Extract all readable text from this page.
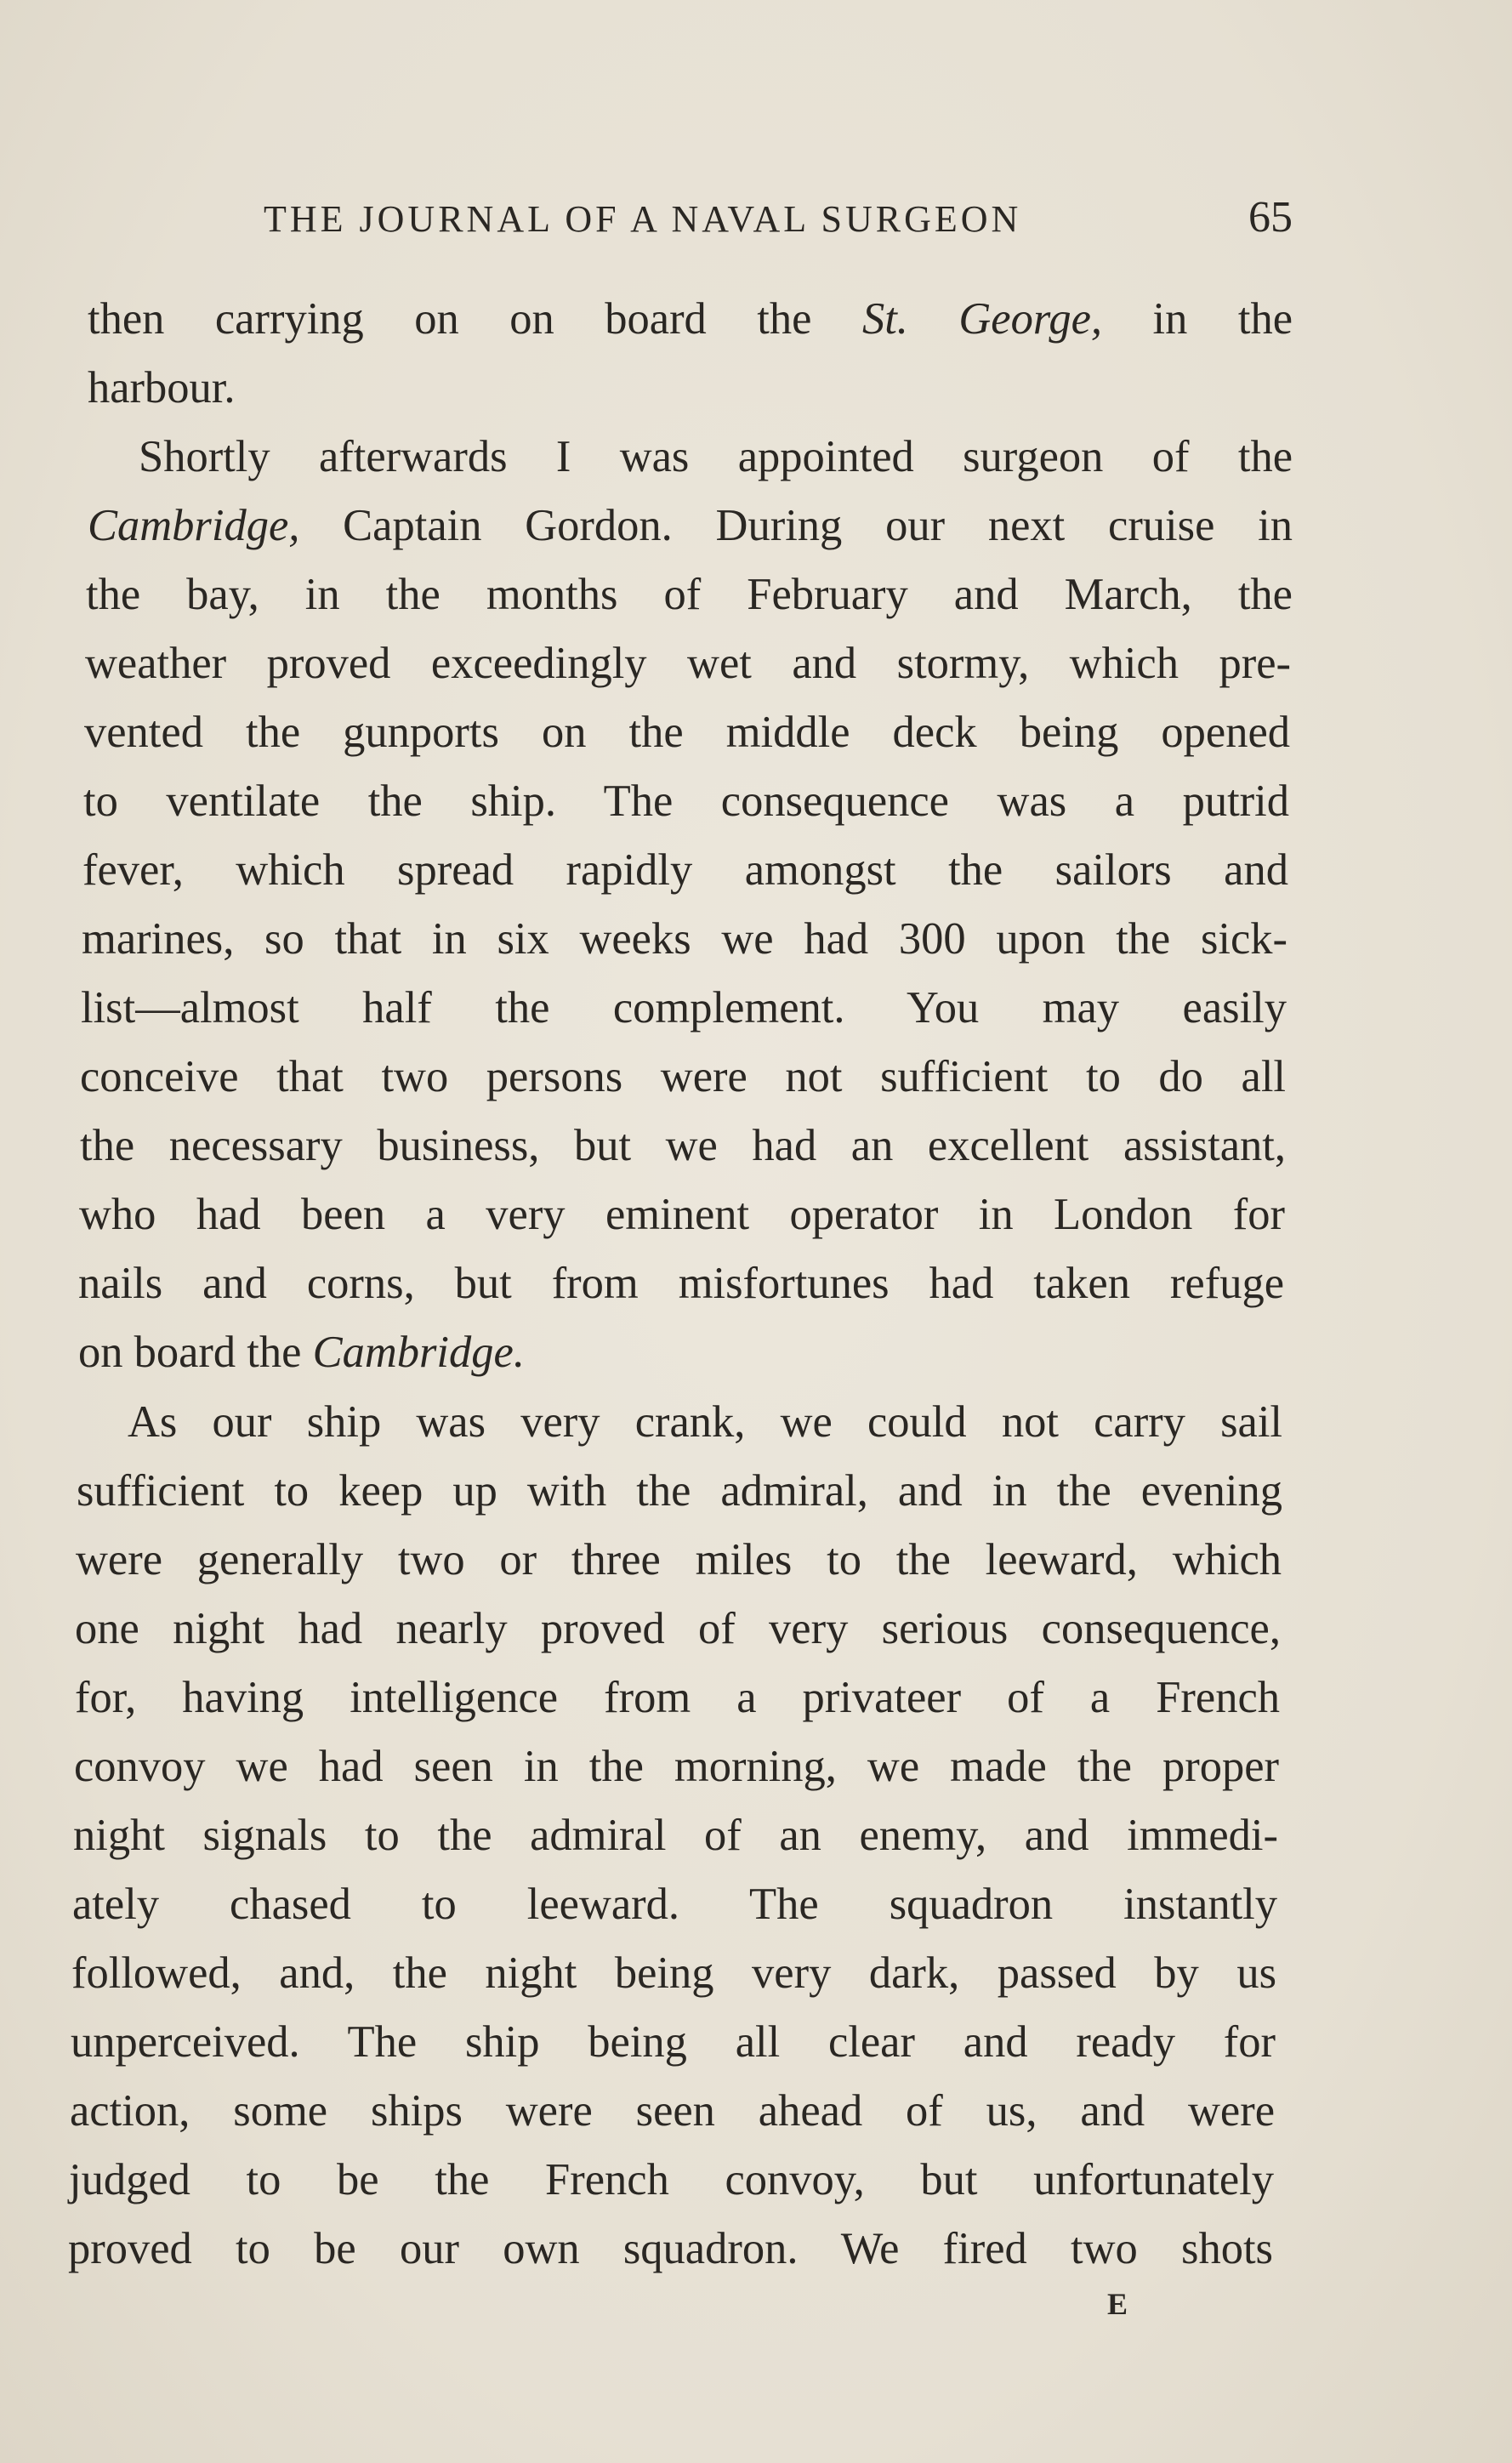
THE JOURNAL OF A NAVAL SURGEON	65
then carrying on on board the St. George, in the
harbour.
Shortly afterwards I was appointed surgeon of the
Cambridge, Captain Gordon. During our next cruise in
the bay, in the months of February and March, the
weather proved exceedingly wet and stormy, which pre-
vented the gunports on the middle deck being opened
to ventilate the ship. The consequence was a putrid
fever, which spread rapidly amongst the sailors and
marines, so that in six weeks we had 300 upon the sick-
list—almost half the complement. You may easily
conceive that two persons were not sufficient to do all
the necessary business, but we had an excellent assistant,
who had been a very eminent operator in London for
nails and corns, but from misfortunes had taken refuge
on board the Cambridge.
As our ship was very crank, we could not carry sail
sufficient to keep up with the admiral, and in the evening
were generally two or three miles to the leeward, which
one night had nearly proved of very serious consequence,
for, having intelligence from a privateer of a French
convoy we had seen in the morning, we made the proper
night signals to the admiral of an enemy, and immedi-
ately chased to leeward. The squadron instantly
followed, and, the night being very dark, passed by us
unperceived. The ship being all clear and ready for
action, some ships were seen ahead of us, and were
judged to be the French convoy, but unfortunately
proved to be our own squadron. We fired two shots
E
